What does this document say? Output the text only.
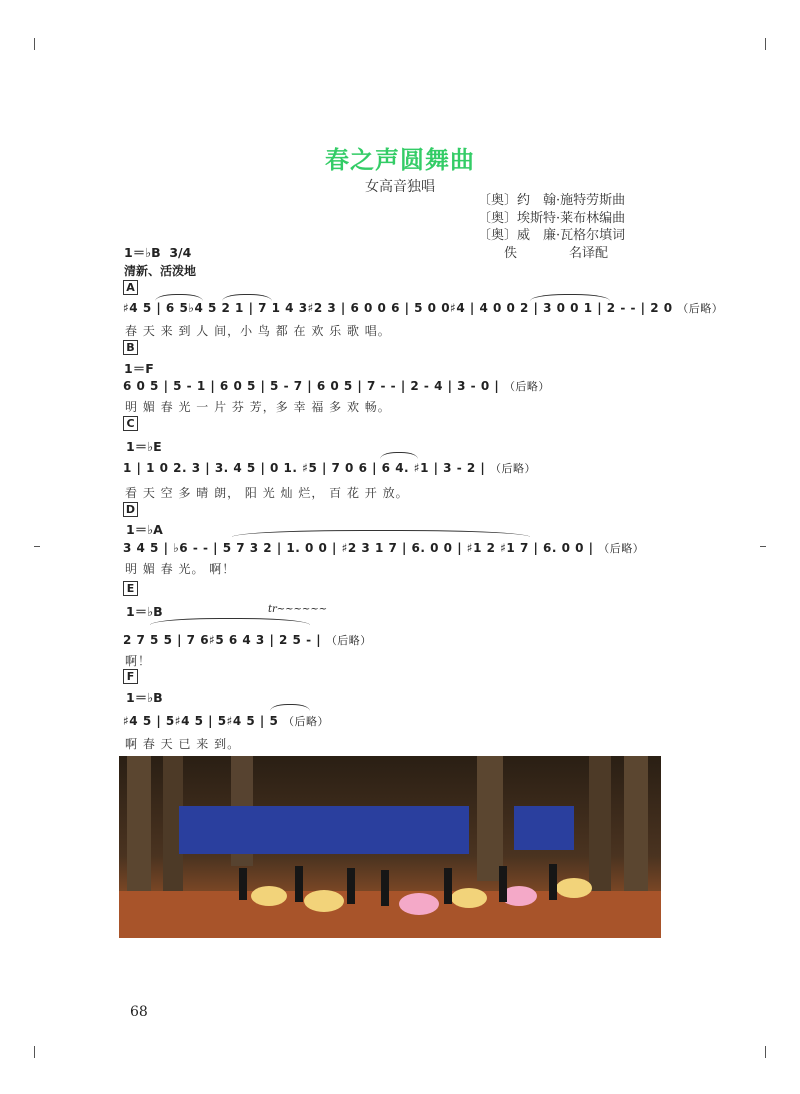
春之声圆舞曲
女高音独唱
〔奥〕约　翰·施特劳斯曲
〔奥〕埃斯特·莱布林编曲
〔奥〕威　廉·瓦格尔填词
　　佚　　　　名译配
1＝♭B  3/4
清新、活泼地
A
♯4 5 | 6 5♭4 5 2 1 | 7 1 4 3♯2 3 | 6 0 0 6 | 5 0 0♯4 | 4 0 0 2 | 3 0 0 1 | 2 - - | 2 0 （后略）
春 天 来 到 人 间，小 鸟 都 在 欢 乐 歌 唱。
B
1＝F
6 0 5 | 5 - 1 | 6 0 5 | 5 - 7 | 6 0 5 | 7 - - | 2 - 4 | 3 - 0 | （后略）
明 媚 春 光 一 片 芬 芳，多 幸 福 多 欢 畅。
C
1＝♭E
1 | 1 0 2. 3 | 3. 4 5 | 0 1. ♯5 | 7 0 6 | 6 4. ♯1 | 3 - 2 | （后略）
看 天 空 多 晴 朗， 阳 光 灿 烂， 百 花 开 放。
D
1＝♭A
3 4 5 | ♭6 - - | 5 7 3 2 | 1. 0 0 | ♯2 3 1 7 | 6. 0 0 | ♯1 2 ♯1 7 | 6. 0 0 | （后略）
明 媚 春 光。 啊！
E
1＝♭B	tr~~~~~~
2 7 5 5 | 7 6♯5 6 4 3 | 2 5 - | （后略）
啊！
F
1＝♭B
♯4 5 | 5♯4 5 | 5♯4 5 | 5 （后略）
啊 春 天 已 来 到。
68
